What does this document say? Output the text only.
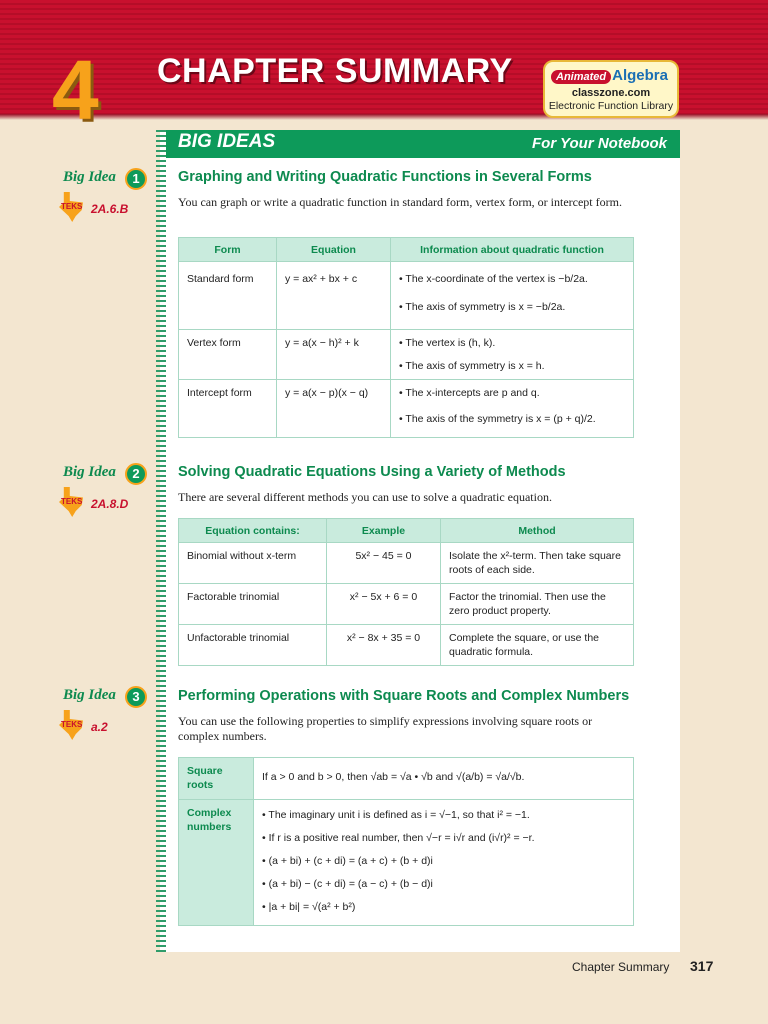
4 CHAPTER SUMMARY	Animated Algebra
classzone.com
Electronic Function Library
BIG IDEAS	For Your Notebook
Big Idea	1
TEKS 2A.6.B
Graphing and Writing Quadratic Functions in Several Forms
You can graph or write a quadratic function in standard form, vertex form, or intercept form.
Form	Equation	Information about quadratic function
Standard form	y = ax² + bx + c	• The x-coordinate of the vertex is −b/2a.
• The axis of symmetry is x = −b/2a.

Vertex form	y = a(x − h)² + k	• The vertex is (h, k).
• The axis of symmetry is x = h.

Intercept form	y = a(x − p)(x − q)	• The x-intercepts are p and q.
• The axis of the symmetry is x = (p + q)/2.
Big Idea	2
TEKS 2A.8.D
Solving Quadratic Equations Using a Variety of Methods
There are several different methods you can use to solve a quadratic equation.
Equation contains:	Example	Method
Binomial without x-term	5x² − 45 = 0	Isolate the x²-term. Then take square roots of each side.
Factorable trinomial	x² − 5x + 6 = 0	Factor the trinomial. Then use the zero product property.
Unfactorable trinomial	x² − 8x + 35 = 0	Complete the square, or use the quadratic formula.
Big Idea	3
TEKS a.2
Performing Operations with Square Roots and Complex Numbers
You can use the following properties to simplify expressions involving square roots or complex numbers.
Square roots	If a > 0 and b > 0, then √ab = √a • √b and √(a/b) = √a/√b.
Complex numbers	• The imaginary unit i is defined as i = √−1, so that i² = −1.
• If r is a positive real number, then √−r = i√r and (i√r)² = −r.
• (a + bi) + (c + di) = (a + c) + (b + d)i
• (a + bi) − (c + di) = (a − c) + (b − d)i
• |a + bi| = √(a² + b²)
Chapter Summary 317
